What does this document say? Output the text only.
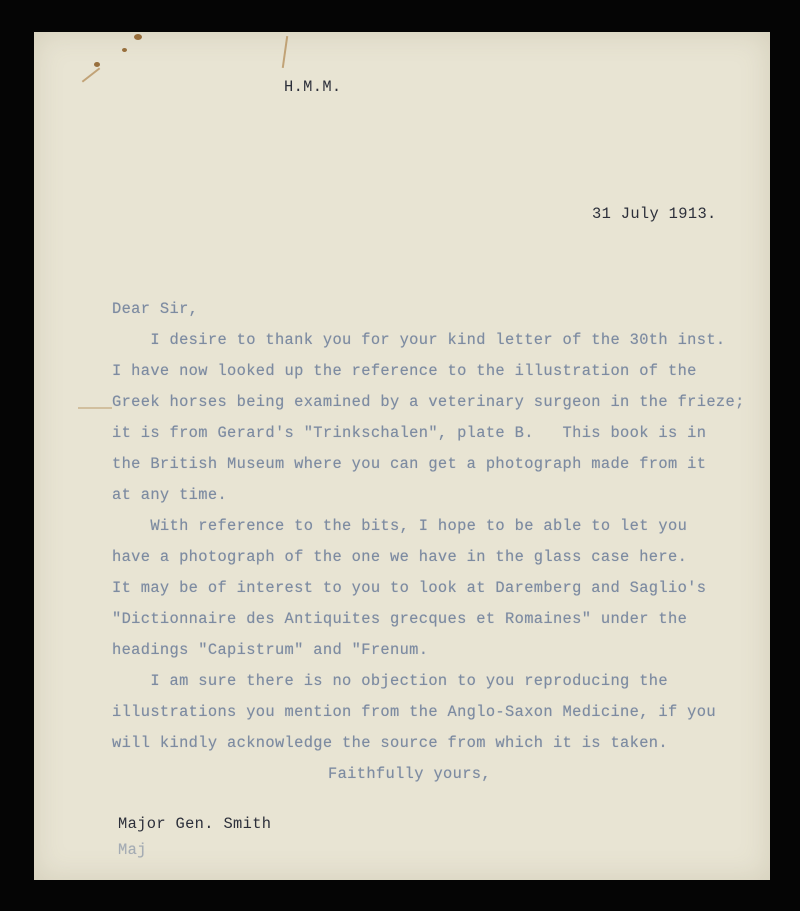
H.M.M.

31 July 1913.

Dear Sir,

I desire to thank you for your kind letter of the 30th inst.

I have now looked up the reference to the illustration of the

Greek horses being examined by a veterinary surgeon in the frieze;

it is from Gerard's "Trinkschalen", plate B.   This book is in

the British Museum where you can get a photograph made from it

at any time.

With reference to the bits, I hope to be able to let you

have a photograph of the one we have in the glass case here.

It may be of interest to you to look at Daremberg and Saglio's

"Dictionnaire des Antiquites grecques et Romaines" under the

headings "Capistrum" and "Frenum.

I am sure there is no objection to you reproducing the

illustrations you mention from the Anglo-Saxon Medicine, if you

will kindly acknowledge the source from which it is taken.

Faithfully yours,

Major Gen. Smith

Maj
